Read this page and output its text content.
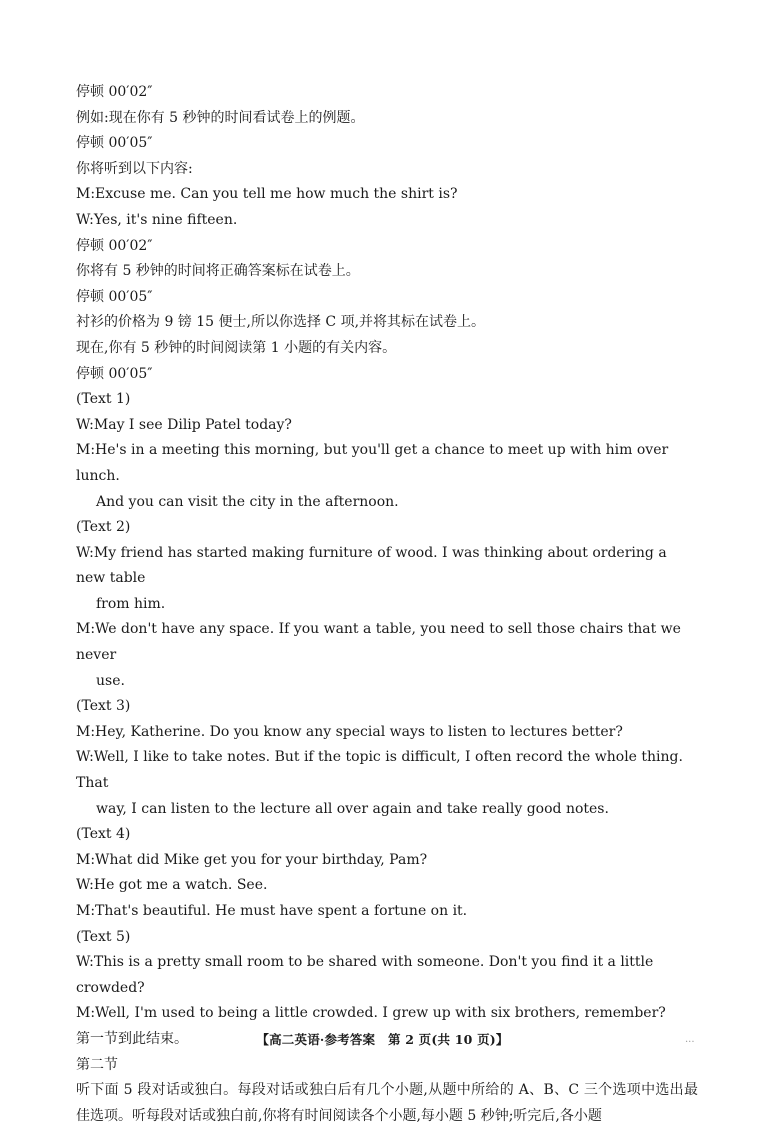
停顿 00′02″
例如:现在你有 5 秒钟的时间看试卷上的例题。
停顿 00′05″
你将听到以下内容:
M:Excuse me. Can you tell me how much the shirt is?
W:Yes, it's nine fifteen.
停顿 00′02″
你将有 5 秒钟的时间将正确答案标在试卷上。
停顿 00′05″
衬衫的价格为 9 镑 15 便士,所以你选择 C 项,并将其标在试卷上。
现在,你有 5 秒钟的时间阅读第 1 小题的有关内容。
停顿 00′05″
(Text 1)
W:May I see Dilip Patel today?
M:He's in a meeting this morning, but you'll get a chance to meet up with him over lunch.
And you can visit the city in the afternoon.
(Text 2)
W:My friend has started making furniture of wood. I was thinking about ordering a new table
from him.
M:We don't have any space. If you want a table, you need to sell those chairs that we never
use.
(Text 3)
M:Hey, Katherine. Do you know any special ways to listen to lectures better?
W:Well, I like to take notes. But if the topic is difficult, I often record the whole thing. That
way, I can listen to the lecture all over again and take really good notes.
(Text 4)
M:What did Mike get you for your birthday, Pam?
W:He got me a watch. See.
M:That's beautiful. He must have spent a fortune on it.
(Text 5)
W:This is a pretty small room to be shared with someone. Don't you find it a little crowded?
M:Well, I'm used to being a little crowded. I grew up with six brothers, remember?
第一节到此结束。
第二节
听下面 5 段对话或独白。每段对话或独白后有几个小题,从题中所给的 A、B、C 三个选项中选出最佳选项。听每段对话或独白前,你将有时间阅读各个小题,每小题 5 秒钟;听完后,各小题
【高二英语·参考答案　第 2 页(共 10 页)】	...
